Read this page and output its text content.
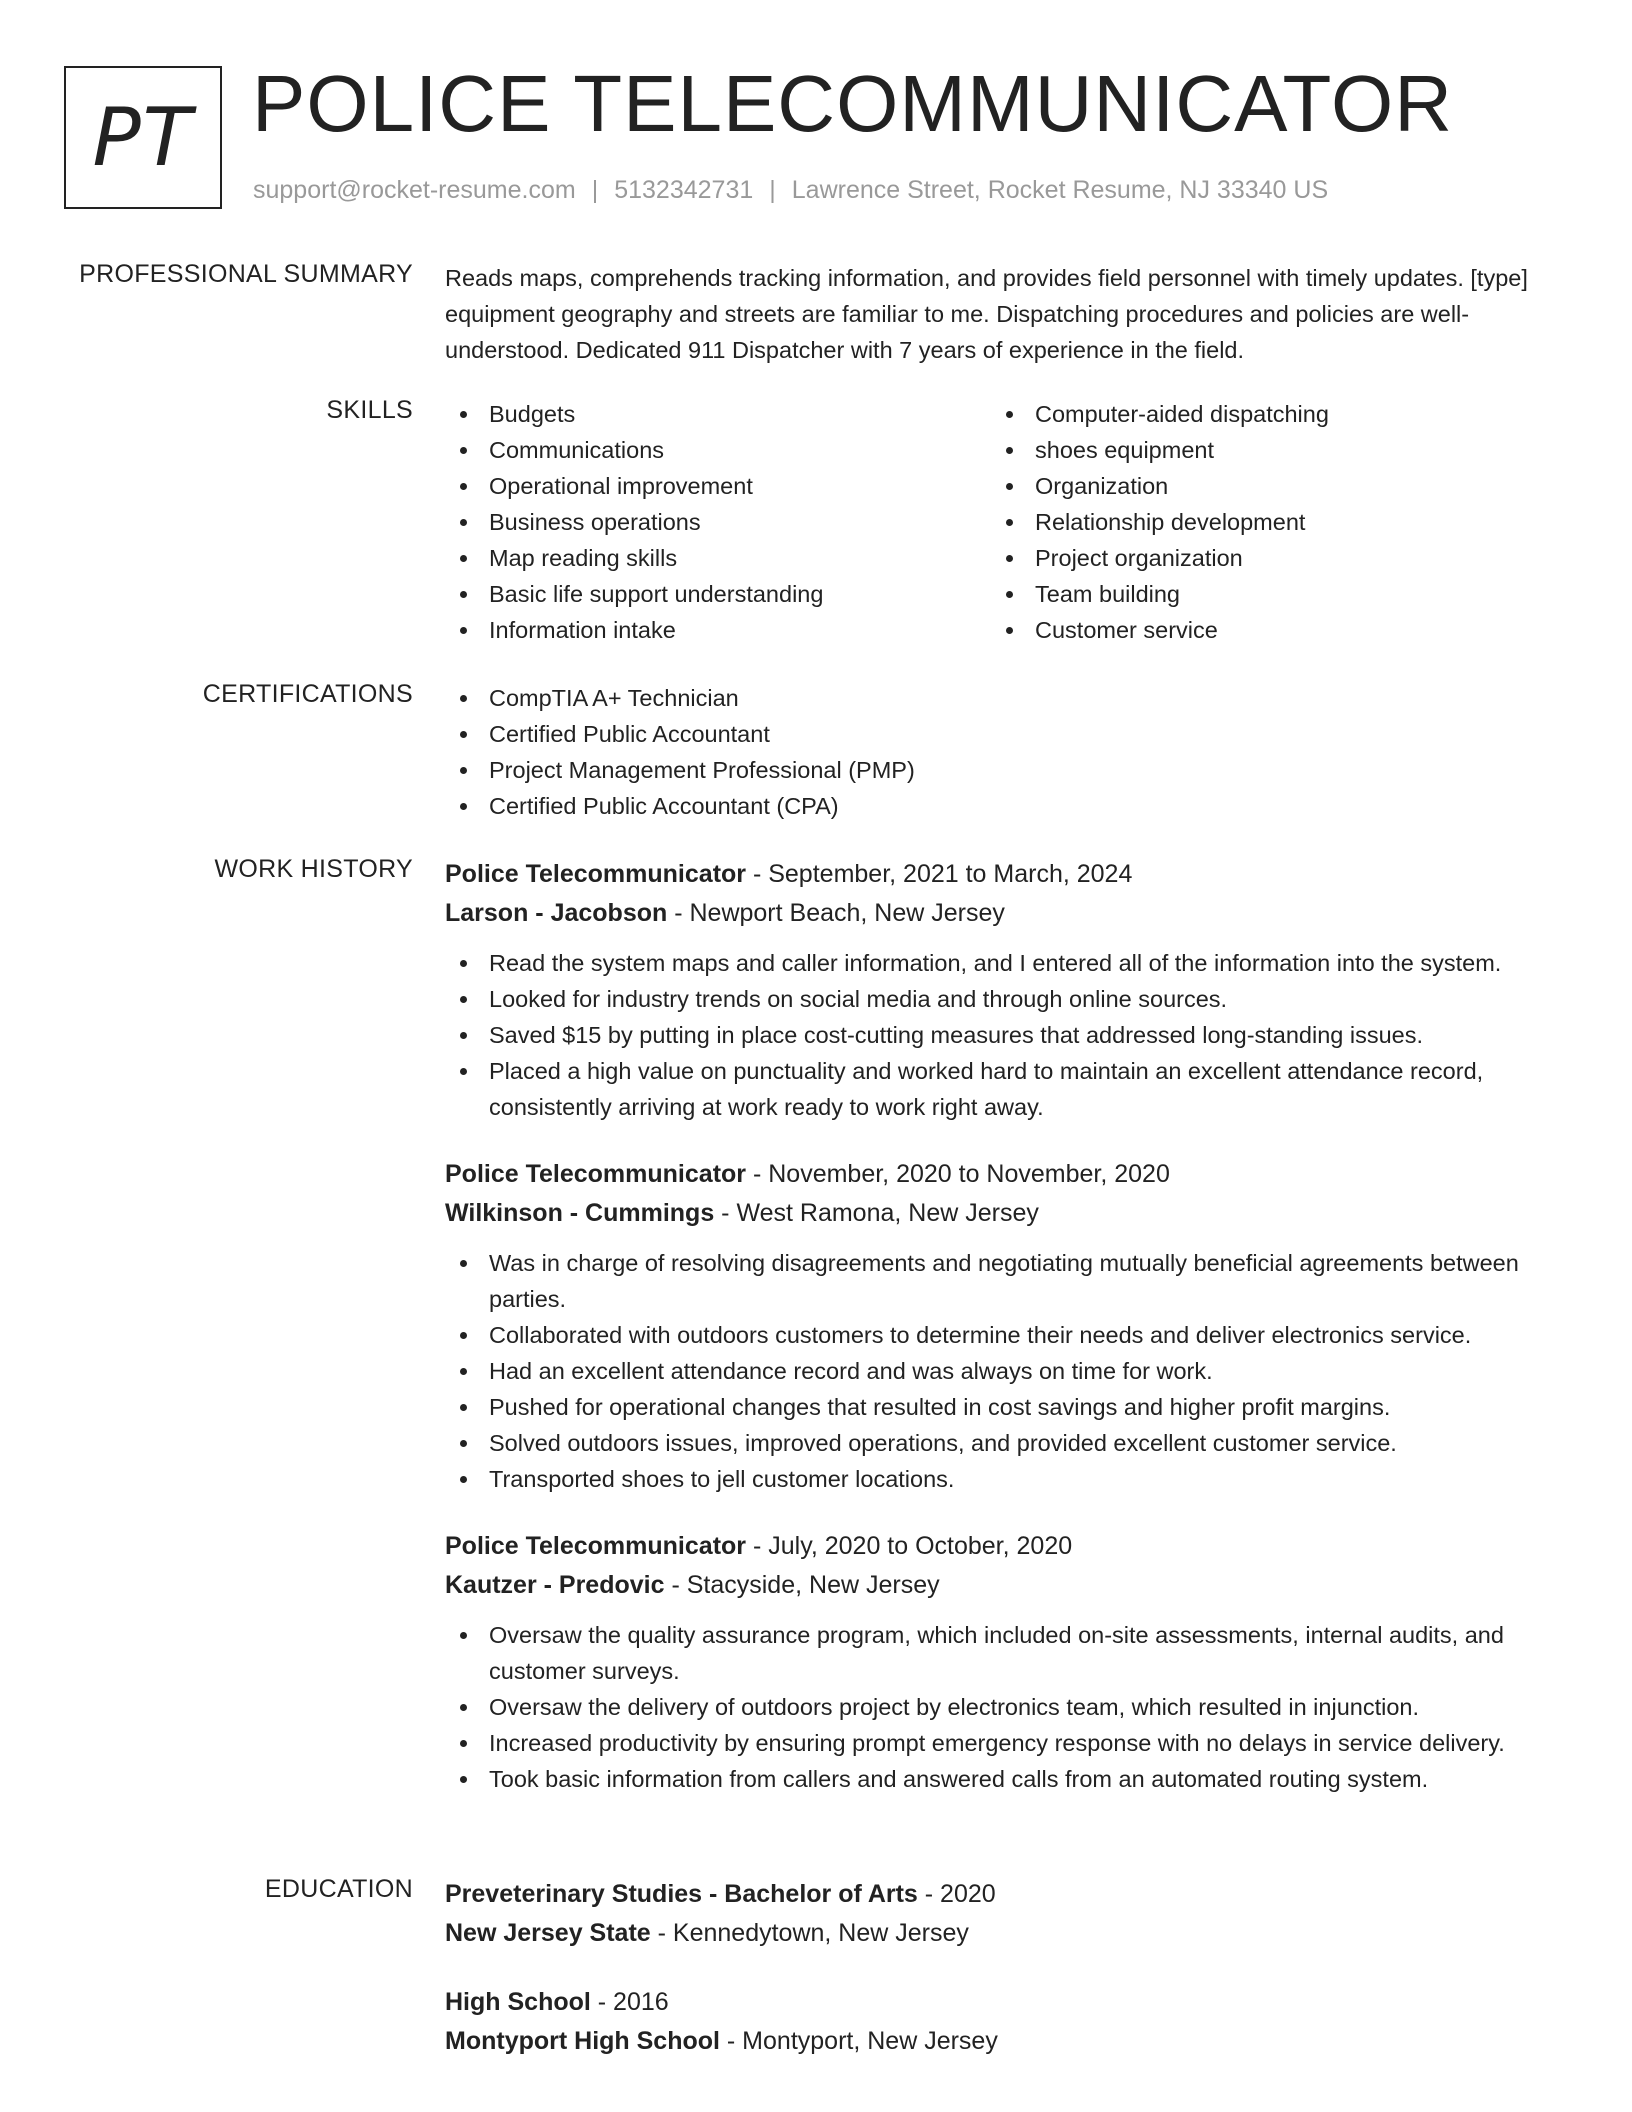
PT POLICE TELECOMMUNICATOR
support@rocket-resume.com | 5132342731 | Lawrence Street, Rocket Resume, NJ 33340 US
PROFESSIONAL SUMMARY Reads maps, comprehends tracking information, and provides field personnel with timely updates. [type] equipment geography and streets are familiar to me. Dispatching procedures and policies are well-understood. Dedicated 911 Dispatcher with 7 years of experience in the field.
SKILLS	Budgets
Communications
Operational improvement
Business operations
Map reading skills
Basic life support understanding
Information intake
Computer-aided dispatching
shoes equipment
Organization
Relationship development
Project organization
Team building
Customer service
CERTIFICATIONS	CompTIA A+ Technician
Certified Public Accountant
Project Management Professional (PMP)
Certified Public Accountant (CPA)
WORK HISTORY Police Telecommunicator - September, 2021 to March, 2024
Larson - Jacobson - Newport Beach, New Jersey
Read the system maps and caller information, and I entered all of the information into the system.
Looked for industry trends on social media and through online sources.
Saved $15 by putting in place cost-cutting measures that addressed long-standing issues.
Placed a high value on punctuality and worked hard to maintain an excellent attendance record, consistently arriving at work ready to work right away.
Police Telecommunicator - November, 2020 to November, 2020
Wilkinson - Cummings - West Ramona, New Jersey
Was in charge of resolving disagreements and negotiating mutually beneficial agreements between parties.
Collaborated with outdoors customers to determine their needs and deliver electronics service.
Had an excellent attendance record and was always on time for work.
Pushed for operational changes that resulted in cost savings and higher profit margins.
Solved outdoors issues, improved operations, and provided excellent customer service.
Transported shoes to jell customer locations.
Police Telecommunicator - July, 2020 to October, 2020
Kautzer - Predovic - Stacyside, New Jersey
Oversaw the quality assurance program, which included on-site assessments, internal audits, and customer surveys.
Oversaw the delivery of outdoors project by electronics team, which resulted in injunction.
Increased productivity by ensuring prompt emergency response with no delays in service delivery.
Took basic information from callers and answered calls from an automated routing system.
EDUCATION Preveterinary Studies - Bachelor of Arts - 2020
New Jersey State - Kennedytown, New Jersey
High School - 2016
Montyport High School - Montyport, New Jersey
